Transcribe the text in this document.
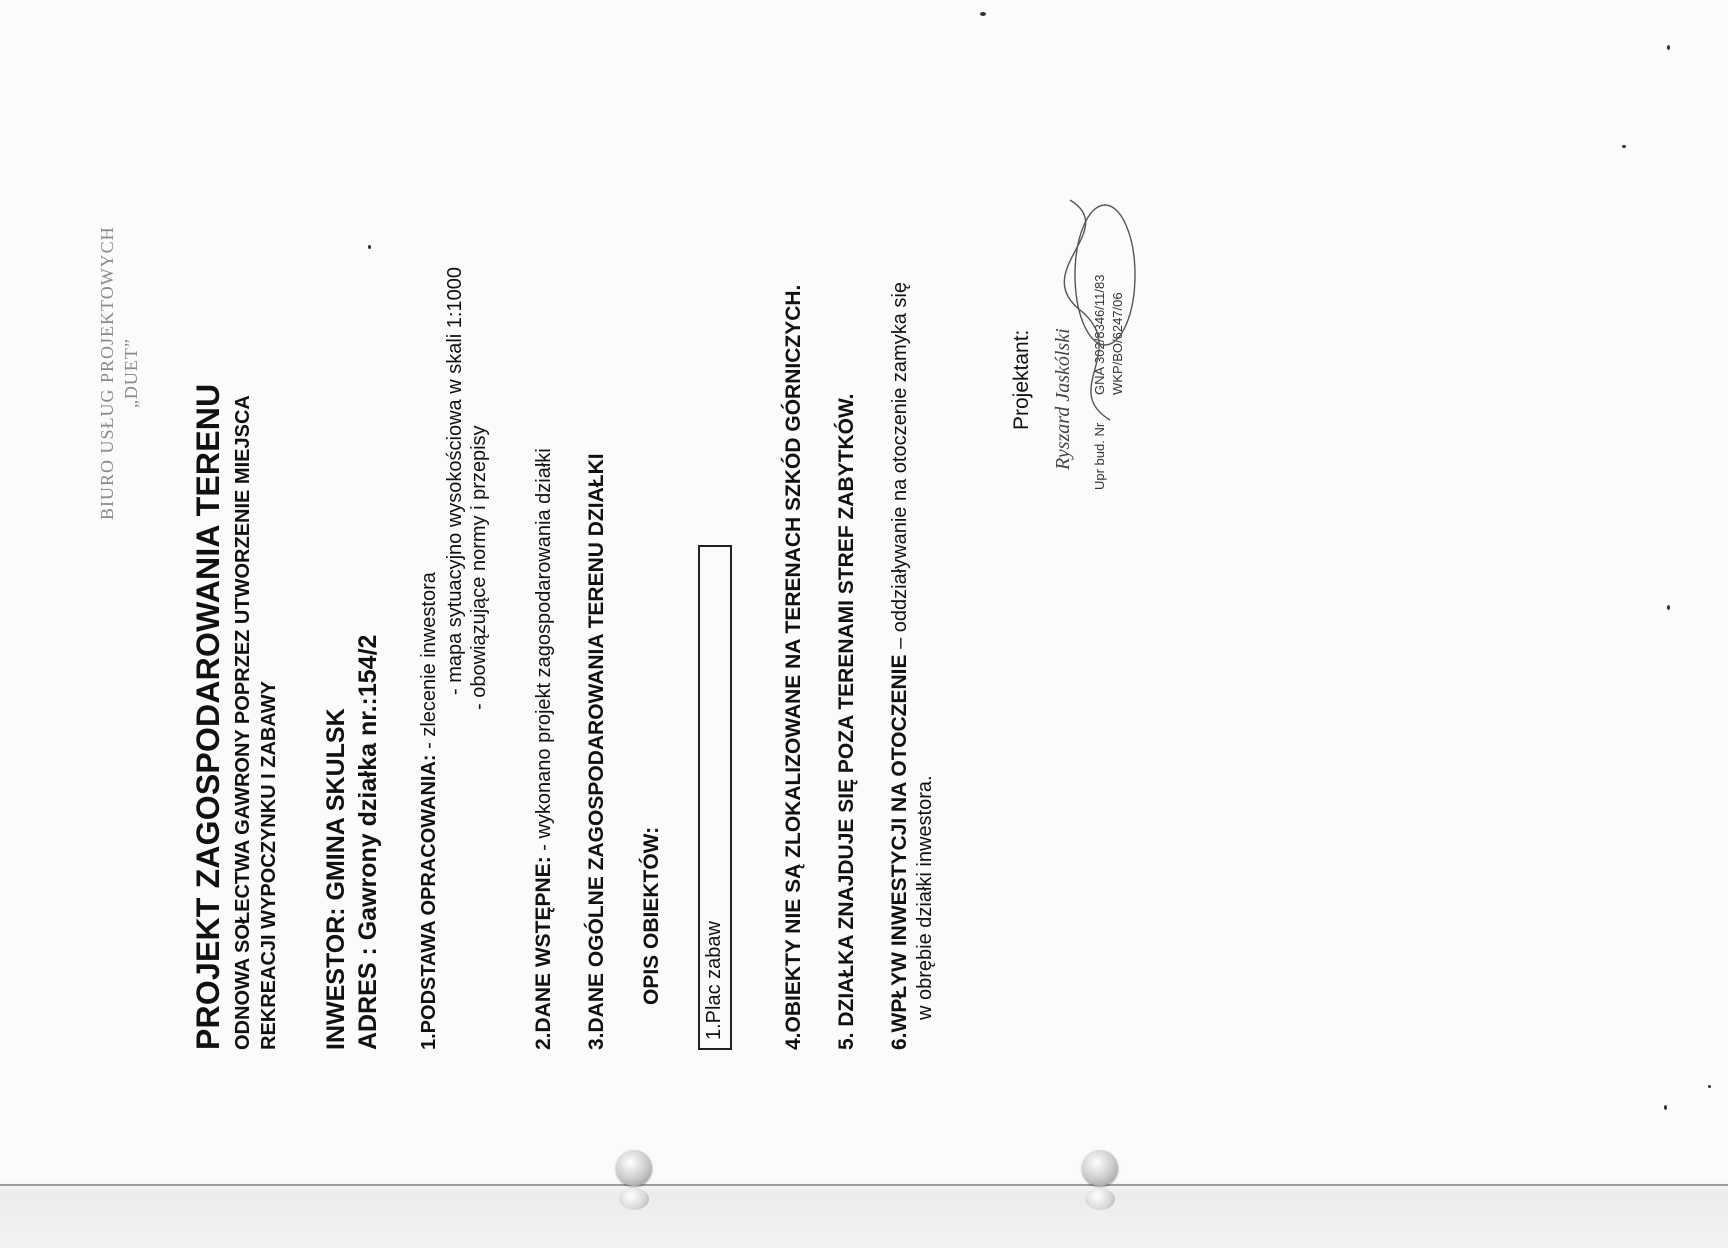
BIURO USŁUG PROJEKTOWYCH „DUET”
PROJEKT ZAGOSPODAROWANIA TERENU ODNOWA SOŁECTWA GAWRONY POPRZEZ UTWORZENIE MIEJSCA REKREACJI WYPOCZYNKU I ZABAWY INWESTOR: GMINA SKULSK ADRES : Gawrony działka nr.:154/2 1.PODSTAWA OPRACOWANIA: - zlecenie inwestora - mapa sytuacyjno wysokościowa w skali 1:1000 - obowiązujące normy i przepisy
2.DANE WSTĘPNE: - wykonano projekt zagospodarowania działki 3.DANE OGÓLNE ZAGOSPODAROWANIA TERENU DZIAŁKI OPIS OBIEKTÓW: 1.Plac zabaw	4.OBIEKTY NIE SĄ ZLOKALIZOWANE NA TERENACH SZKÓD GÓRNICZYCH. 5. DZIAŁKA ZNAJDUJE SIĘ POZA TERENAMI STREF ZABYTKÓW. 6.WPŁYW INWESTYCJI NA OTOCZENIE – oddziaływanie na otoczenie zamyka się
w obrębie działki inwestora.
Projektant: Ryszard Jaskólski Upr bud. Nr
GNA 302/8346/11/83 WKP/BO/6247/06
